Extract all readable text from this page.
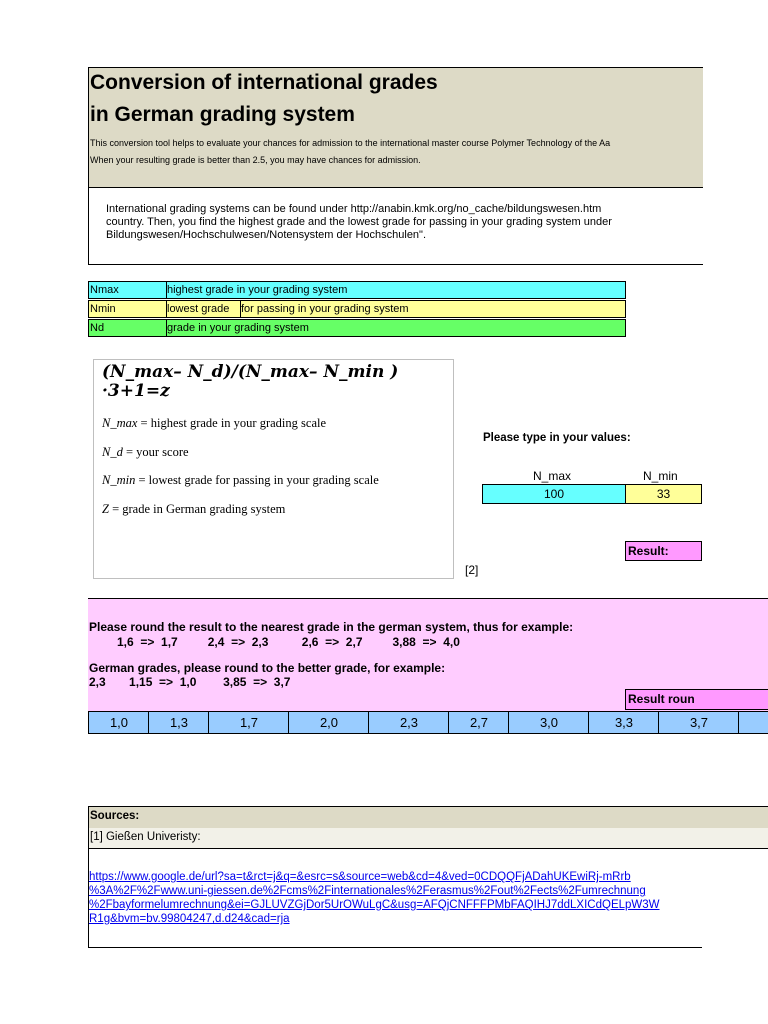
Conversion of international grades
in German grading system
This conversion tool helps to evaluate your chances for admission to the international master course Polymer Technology of the Aa
When your resulting grade is better than 2.5, you may have chances for admission.
International grading systems can be found under http://anabin.kmk.org/no_cache/bildungswesen.htm
country. Then, you find the highest grade and the lowest grade for passing in your grading system under
Bildungswesen/Hochschulwesen/Notensystem der Hochschulen".
Nmax	highest grade in your grading system
Nmin	lowest grade for passing in your grading system
Nd	grade in your grading system
(N_max– N_d)/(N_max– N_min )
·3+1=z
N_max = highest grade in your grading scale
N_d = your score
N_min = lowest grade for passing in your grading scale
Z = grade in German grading system
Please type in your values:
N_max	N_min
100	33
Result:
[2]
Please round the result to the nearest grade in the german system, thus for example:
1,6  =>  1,7         2,4  =>  2,3          2,6  =>  2,7         3,88  =>  4,0
German grades, please round to the better grade, for example:
2,3       1,15  =>  1,0        3,85  =>  3,7
Result roun
1,0	1,3	1,7	2,0	2,3	2,7	3,0	3,3	3,7
Sources:
[1] Gießen Univeristy:
https://www.google.de/url?sa=t&rct=j&q=&esrc=s&source=web&cd=4&ved=0CDQQFjADahUKEwiRj-mRrb
%3A%2F%2Fwww.uni-giessen.de%2Fcms%2Finternationales%2Ferasmus%2Fout%2Fects%2Fumrechnung
%2Fbayformelumrechnung&ei=GJLUVZGjDor5UrOWuLgC&usg=AFQjCNFFFPMbFAQIHJ7ddLXICdQELpW3W
R1g&bvm=bv.99804247,d.d24&cad=rja
